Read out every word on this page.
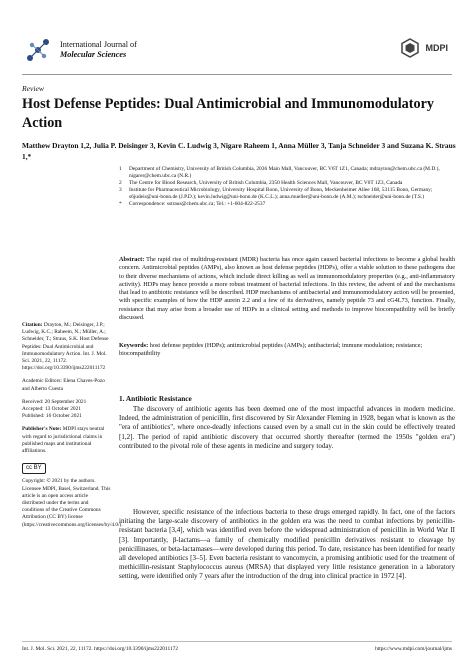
International Journal of
Molecular Sciences
MDPI
Review
Host Defense Peptides: Dual Antimicrobial and Immunomodulatory Action
Matthew Drayton 1,2, Julia P. Deisinger 3, Kevin C. Ludwig 3, Nigare Raheem 1, Anna Müller 3, Tanja Schneider 3 and Suzana K. Straus 1,*
1	Department of Chemistry, University of British Columbia, 2036 Main Mall, Vancouver, BC V6T 1Z1, Canada; mdrayton@chem.ubc.ca (M.D.), nigarer@chem.ubc.ca (N.R.)
2	The Centre for Blood Research, University of British Columbia, 2350 Health Sciences Mall, Vancouver, BC V6T 1Z3, Canada
3	Institute for Pharmaceutical Microbiology, University Hospital Bonn, University of Bonn, Meckenheimer Allee 168, 53115 Bonn, Germany; s6judeis@uni-bonn.de (J.P.D.); kevin.ludwig@uni-bonn.de (K.C.L.); anna.mueller@uni-bonn.de (A.M.); tschneider@uni-bonn.de (T.S.)
*	Correspondence: sstraus@chem.ubc.ca; Tel.: +1-604-822-2537
Abstract: The rapid rise of multidrug-resistant (MDR) bacteria has once again caused bacterial infections to become a global health concern. Antimicrobial peptides (AMPs), also known as host defense peptides (HDPs), offer a viable solution to these pathogens due to their diverse mechanisms of actions, which include direct killing as well as immunomodulatory properties (e.g., anti-inflammatory activity). HDPs may hence provide a more robust treatment of bacterial infections. In this review, the advent of and the mechanisms that lead to antibiotic resistance will be described. HDP mechanisms of antibacterial and immunomodulatory action will be presented, with specific examples of how the HDP aurein 2.2 and a few of its derivatives, namely peptide 73 and cG4L73, function. Finally, resistance that may arise from a broader use of HDPs in a clinical setting and methods to improve biocompatibility will be briefly discussed.
Keywords: host defense peptides (HDPs); antimicrobial peptides (AMPs); antibacterial; immune modulation; resistance; biocompatibility

Citation: Drayton, M.; Deisinger, J.P.; Ludwig, K.C.; Raheem, N.; Müller, A.; Schneider, T.; Straus, S.K. Host Defense Peptides: Dual Antimicrobial and Immunomodulatory Action. Int. J. Mol. Sci. 2021, 22, 11172. https://doi.org/10.3390/ijms222011172

Academic Editors: Elena Chaves-Pozo and Alberto Cuesta

Received: 20 September 2021
Accepted: 13 October 2021
Published: 16 October 2021

Publisher's Note: MDPI stays neutral with regard to jurisdictional claims in published maps and institutional affiliations.

cc BY

Copyright: © 2021 by the authors. Licensee MDPI, Basel, Switzerland. This article is an open access article distributed under the terms and conditions of the Creative Commons Attribution (CC BY) license (https://creativecommons.org/licenses/by/4.0/).

1. Antibiotic Resistance
The discovery of antibiotic agents has been deemed one of the most impactful advances in modern medicine. Indeed, the administration of penicillin, first discovered by Sir Alexander Fleming in 1928, began what is known as the "era of antibiotics", where once-deadly infections caused even by a small cut in the skin could be effectively treated [1,2]. The period of rapid antibiotic discovery that occurred shortly thereafter (termed the 1950s "golden era") contributed to the pivotal role of these agents in medicine and surgery today.
However, specific resistance of the infectious bacteria to these drugs emerged rapidly. In fact, one of the factors initiating the large-scale discovery of antibiotics in the golden era was the need to combat infections by penicillin-resistant bacteria [3,4], which was identified even before the widespread administration of penicillin in World War II [3]. Importantly, β-lactams—a family of chemically modified penicillin derivatives resistant to cleavage by penicillinases, or beta-lactamases—were developed during this period. To date, resistance has been identified for nearly all developed antibiotics [3–5]. Even bacteria resistant to vancomycin, a promising antibiotic used for the treatment of methicillin-resistant Staphylococcus aureus (MRSA) that displayed very little resistance generation in a laboratory setting, were identified only 7 years after the introduction of the drug into clinical practice in 1972 [4].
Int. J. Mol. Sci. 2021, 22, 11172. https://doi.org/10.3390/ijms222011172	https://www.mdpi.com/journal/ijms
